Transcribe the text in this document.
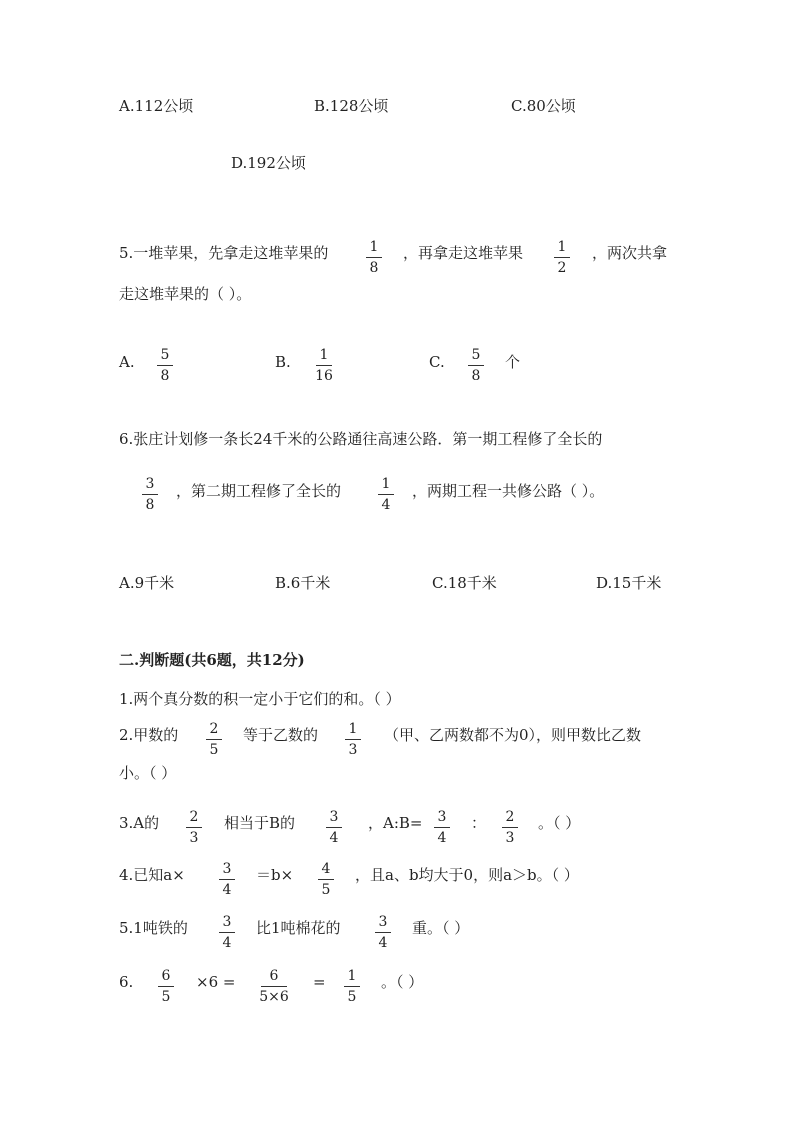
A.112公顷	B.128公顷	C.80公顷
D.192公顷
5.一堆苹果，先拿走这堆苹果的	1
8
，再拿走这堆苹果	1
2
，两次共拿
走这堆苹果的（ ）。
A.	5
8
B.	1
16
C.	5
8
个
6.张庄计划修一条长24千米的公路通往高速公路．第一期工程修了全长的
3
8
，第二期工程修了全长的	1
4
，两期工程一共修公路（ ）。
A.9千米	B.6千米	C.18千米	D.15千米
二.判断题(共6题，共12分)
1.两个真分数的积一定小于它们的和。（ ）
2.甲数的	2
5
等于乙数的	1
3
（甲、乙两数都不为0），则甲数比乙数
小。（ ）
3.A的	2
3
相当于B的	3
4
，A:B=	3
4
：	2
3
。（ ）
4.已知a×	3
4
＝b×	4
5
，且a、b均大于0，则a＞b。（ ）
5.1吨铁的	3
4
比1吨棉花的	3
4
重。（ ）
6.	6
5
×6 =	6
5×6
=	1
5
。（ ）
